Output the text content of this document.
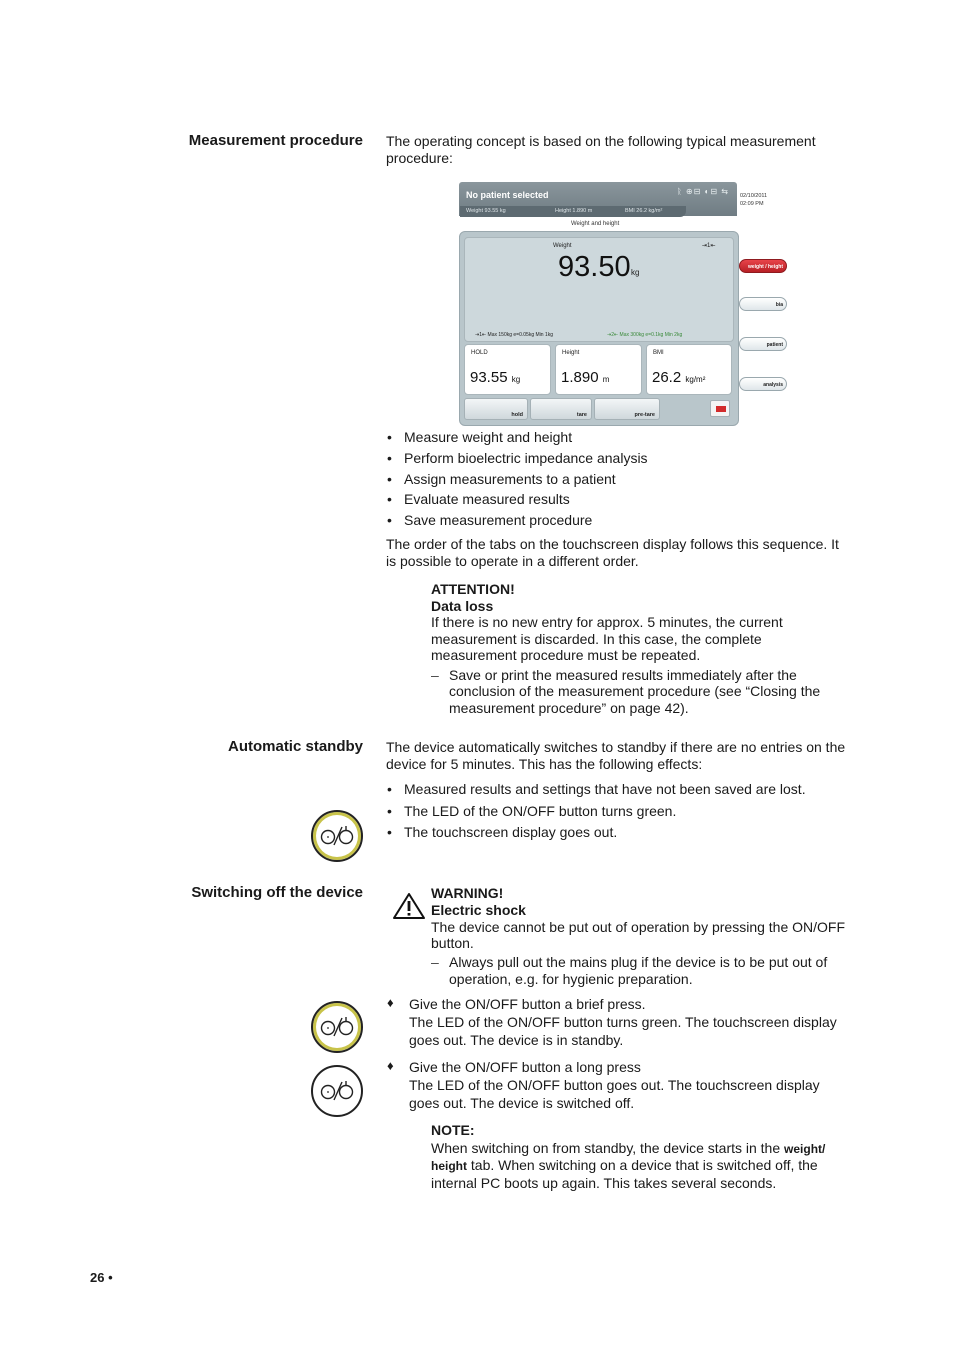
Measurement procedure The operating concept is based on the following typical measurement
procedure:
No patient selected	ᚱ ⊕⊟ ◐⊟ ⇆
Weight 93.55 kg	Height 1.890 m	BMI 26.2 kg/m²
02/10/2011
02:09 PM
Weight and height
Weight	⇥1⇤
93.50 kg
⇥1⇤ Max 150kg e=0.05kg Min 1kg	⇥2⇤ Max 300kg e=0.1kg Min 2kg
HOLD
93.55 kg
Height
1.890 m
BMI
26.2 kg/m²
hold	tare	pre-tare
weight / height
bia
patient
analysis
• Measure weight and height
• Perform bioelectric impedance analysis
• Assign measurements to a patient
• Evaluate measured results
• Save measurement procedure
The order of the tabs on the touchscreen display follows this sequence. It
is possible to operate in a different order.
ATTENTION!
Data loss
If there is no new entry for approx. 5 minutes, the current
measurement is discarded. In this case, the complete
measurement procedure must be repeated.
– Save or print the measured results immediately after the
conclusion of the measurement procedure (see “Closing the
measurement procedure” on page 42).
Automatic standby The device automatically switches to standby if there are no entries on the
device for 5 minutes. This has the following effects:
• Measured results and settings that have not been saved are lost.
• The LED of the ON/OFF button turns green.
• The touchscreen display goes out.
Switching off the device	WARNING!
Electric shock
The device cannot be put out of operation by pressing the ON/OFF
button.
– Always pull out the mains plug if the device is to be put out of
operation, e.g. for hygienic preparation.
♦ Give the ON/OFF button a brief press.
The LED of the ON/OFF button turns green. The touchscreen display
goes out. The device is in standby.
♦ Give the ON/OFF button a long press
The LED of the ON/OFF button goes out. The touchscreen display
goes out. The device is switched off.
NOTE:
When switching on from standby, the device starts in the weight/
height tab. When switching on a device that is switched off, the
internal PC boots up again. This takes several seconds.
26 •
